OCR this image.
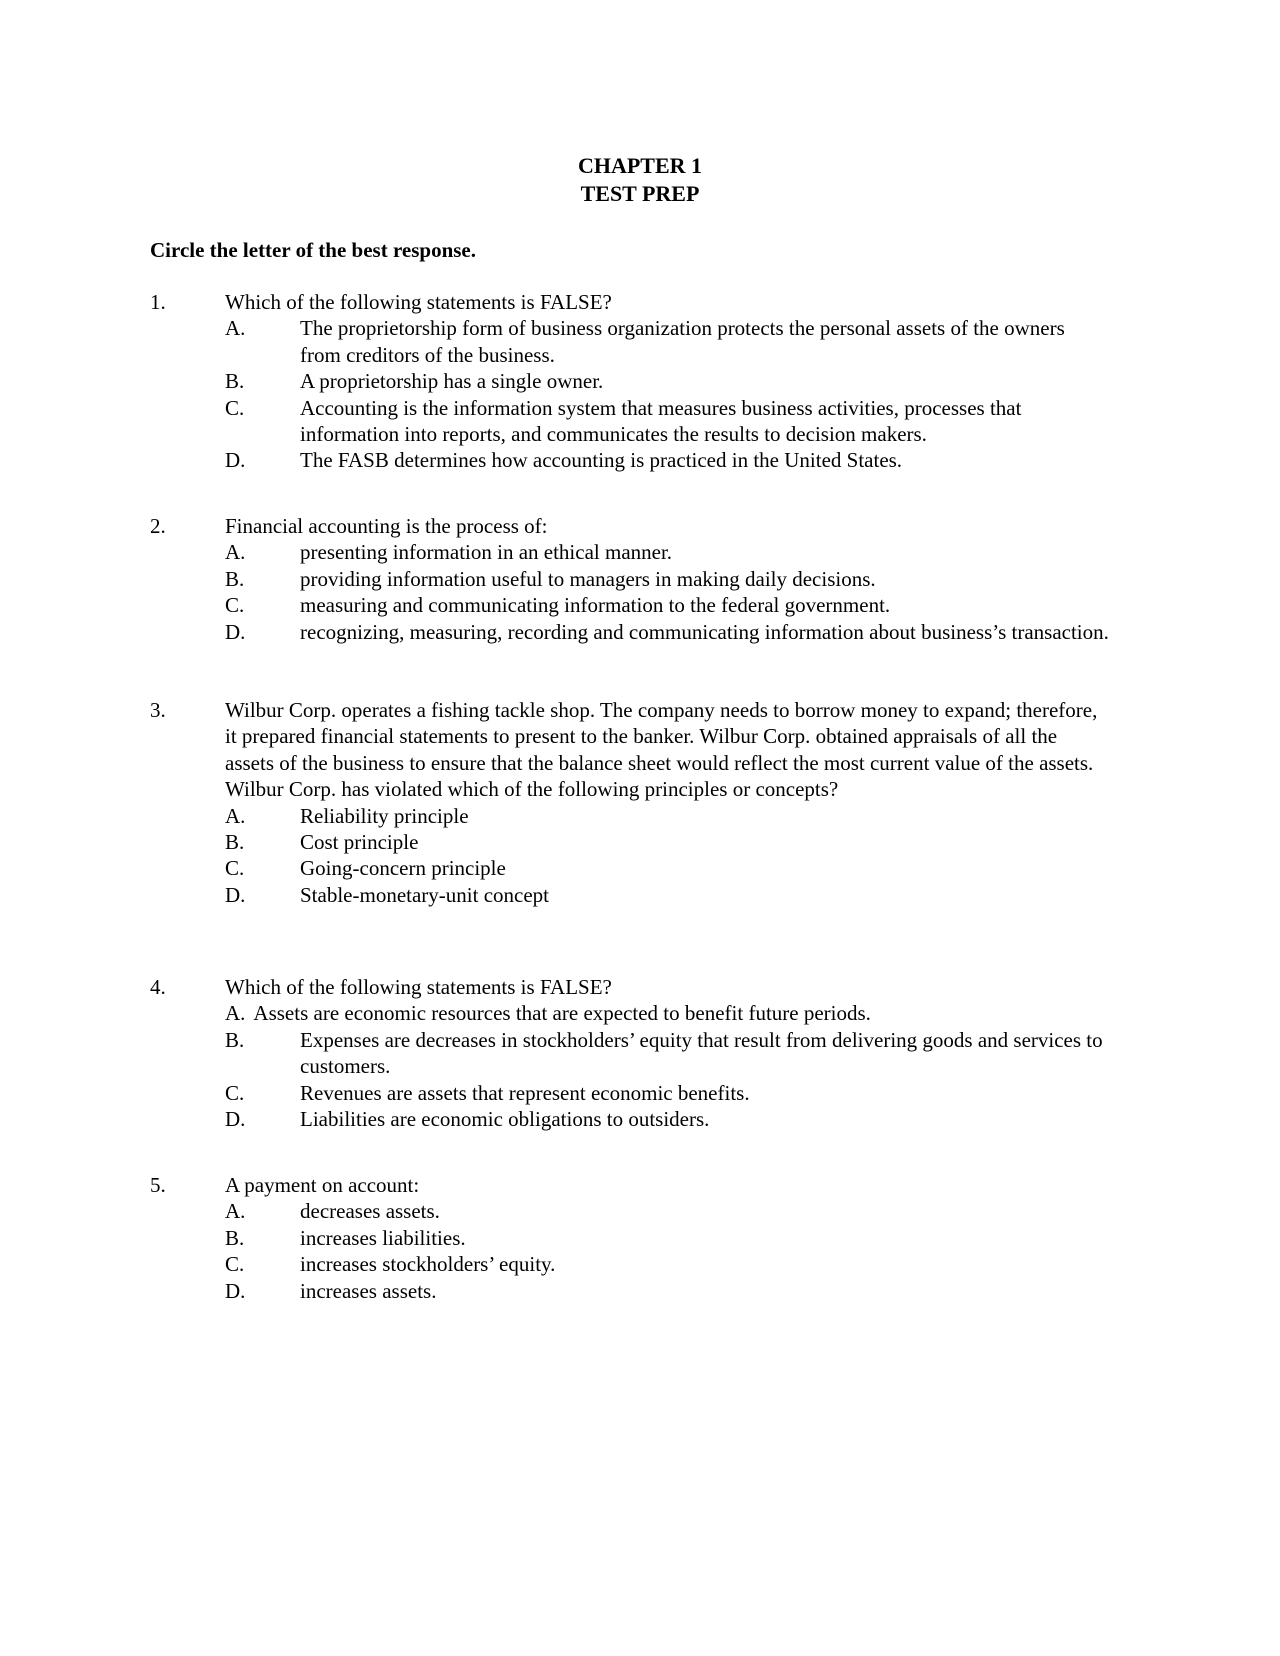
CHAPTER 1
TEST PREP
Circle the letter of the best response.
1.	Which of the following statements is FALSE?
A.	The proprietorship form of business organization protects the personal assets of the owners from creditors of the business.
B.	A proprietorship has a single owner.
C.	Accounting is the information system that measures business activities, processes that information into reports, and communicates the results to decision makers.
D.	The FASB determines how accounting is practiced in the United States.
2.	Financial accounting is the process of:
A.	presenting information in an ethical manner.
B.	providing information useful to managers in making daily decisions.
C.	measuring and communicating information to the federal government.
D.	recognizing, measuring, recording and communicating information about business’s transaction.
3.	Wilbur Corp. operates a fishing tackle shop. The company needs to borrow money to expand; therefore, it prepared financial statements to present to the banker. Wilbur Corp. obtained appraisals of all the assets of the business to ensure that the balance sheet would reflect the most current value of the assets. Wilbur Corp. has violated which of the following principles or concepts?
A.	Reliability principle
B.	Cost principle
C.	Going-concern principle
D.	Stable-monetary-unit concept
4.	Which of the following statements is FALSE?
A. Assets are economic resources that are expected to benefit future periods.
B.	Expenses are decreases in stockholders’ equity that result from delivering goods and services to customers.
C.	Revenues are assets that represent economic benefits.
D.	Liabilities are economic obligations to outsiders.
5.	A payment on account:
A.	decreases assets.
B.	increases liabilities.
C.	increases stockholders’ equity.
D.	increases assets.
